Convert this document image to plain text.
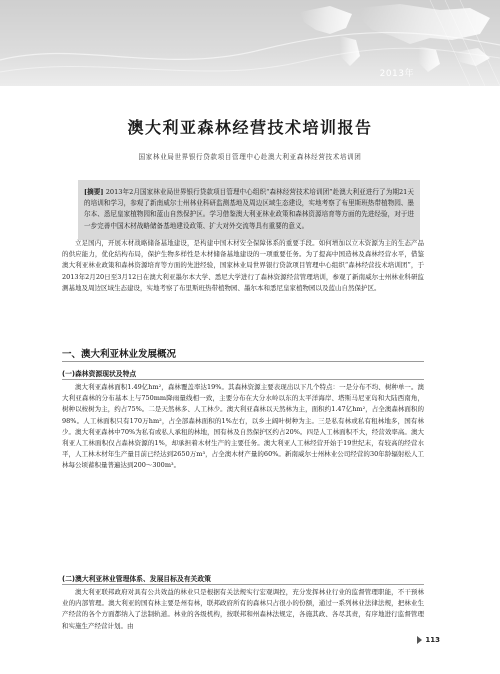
2013年
澳大利亚森林经营技术培训报告
国家林业局世界银行贷款项目管理中心赴澳大利亚森林经营技术培训团
[摘要] 2013年2月国家林业局世界银行贷款项目管理中心组织“森林经营技术培训团”赴澳大利亚进行了为期21天的培训和学习，参观了新南威尔士州林业科研监测基地及周边区域生态建设，实地考察了布里斯班热带植物园、墨尔本、悉尼皇家植物园和蓝山自然保护区。学习借鉴澳大利亚林业政策和森林资源培育等方面的先进经验，对于进一步完善中国木材战略储备基地建设政策、扩大对外交流等具有重要的意义。

立足国内，开展木材战略储备基地建设，是构建中国木材安全保障体系的重要手段。如何增加以立木资源为主的生态产品的供应能力，优化结构布局，保护生物多样性是木材储备基地建设的一项重要任务。为了提高中国造林及森林经营水平，借鉴澳大利亚林业政策和森林资源培育等方面的先进经验，国家林业局世界银行贷款项目管理中心组织“森林经营技术培训团”，于2013年2月20日至3月12日在澳大利亚墨尔本大学、悉尼大学进行了森林资源经营管理培训，参观了新南威尔士州林业科研监测基地及周边区域生态建设，实地考察了布里斯班热带植物园、墨尔本和悉尼皇家植物园以及蓝山自然保护区。

一、澳大利亚林业发展概况
(一)森林资源现状及特点

澳大利亚森林面积1.49亿hm²，森林覆盖率达19%。其森林资源主要表现出以下几个特点：一是分布不均、树种单一。澳大利亚森林的分布基本上与750mm降雨量线相一致，主要分布在大分水岭以东的太平洋海岸、塔斯马尼亚岛和大陆西南角，树种以桉树为主，约占75%。二是天然林多、人工林少。澳大利亚森林以天然林为主，面积约1.47亿hm²，占全澳森林面积的98%。人工林面积只有170万hm²，占全部森林面积的1%左右，以乡土阔叶树种为主。三是私有林或私有租林地多，国有林少。澳大利亚森林中70%为私有或私人承租的林地，国有林及自然保护区约占20%。四是人工林面积不大，经营效率高。澳大利亚人工林面积仅占森林资源的1%，却承担着木材生产的主要任务。澳大利亚人工林经营开始于19世纪末，有较高的经营水平，人工林木材年生产量目前已经达到2650万m³，占全澳木材产量的60%。新南威尔士州林业公司经营的30年龄辐射松人工林每公顷蓄积量普遍达到200～300m³。

(二)澳大利亚林业管理体系、发展目标及有关政策

澳大利亚联邦政府对具有公共效益的林业只是根据有关法规实行宏观调控，充分发挥林业行业的监督管理职能，不干预林业的内部管理。澳大利亚的国有林主要是州有林，联邦政府所有的森林只占很小的份额，通过一系列林业法律法规，把林业生产经营的各个方面都纳入了法制轨道。林业的各级机构，按联邦和州森林法规定，各施其政、各尽其责，有序地进行监督管理和实施生产经营计划。由

113
